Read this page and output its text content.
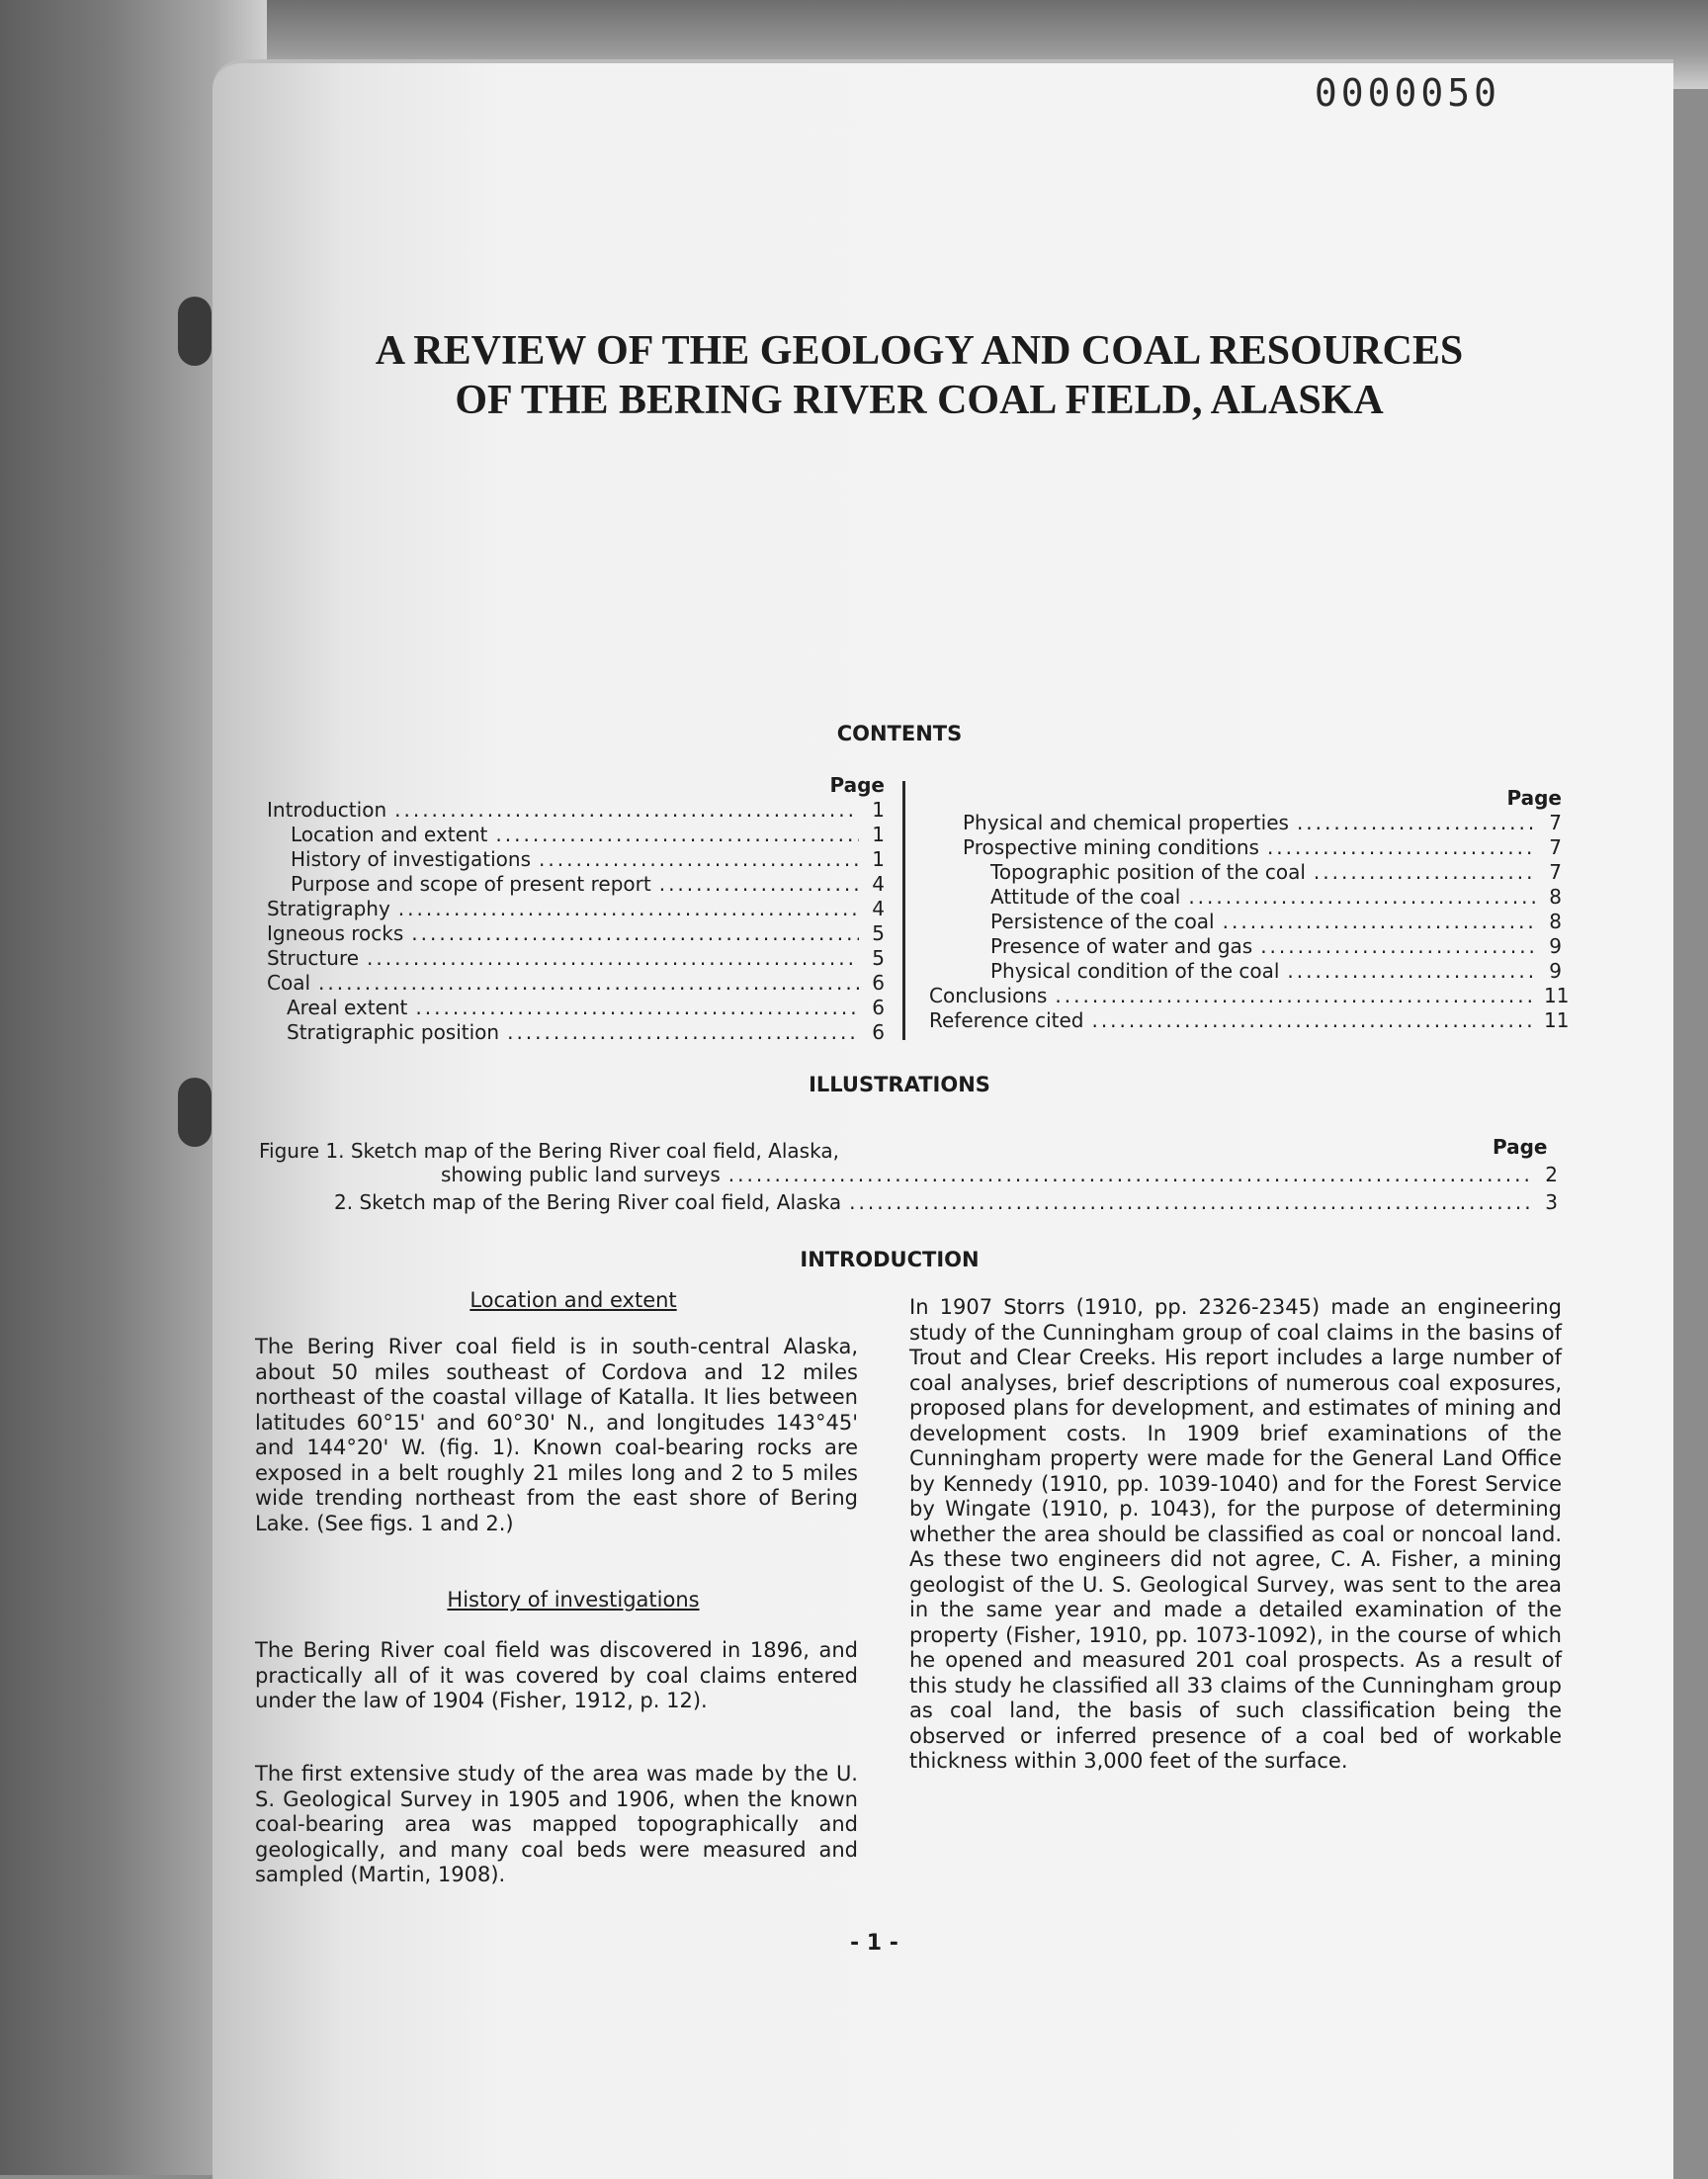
0000050
A REVIEW OF THE GEOLOGY AND COAL RESOURCES
OF THE BERING RIVER COAL FIELD, ALASKA
CONTENTS
Page
Introduction .....	1
Location and extent .....	1
History of investigations .....	1
Purpose and scope of present report .....	4
Stratigraphy .....	4
Igneous rocks .....	5
Structure .....	5
Coal .....	6
Areal extent .....	6
Stratigraphic position .....	6
Page
Physical and chemical properties .....	7
Prospective mining conditions .....	7
Topographic position of the coal .....	7
Attitude of the coal .....	8
Persistence of the coal .....	8
Presence of water and gas .....	9
Physical condition of the coal .....	9
Conclusions .....	11
Reference cited .....	11
ILLUSTRATIONS
Page
Figure 1. Sketch map of the Bering River coal field, Alaska,
showing public land surveys .....	2
2. Sketch map of the Bering River coal field, Alaska .....	3
INTRODUCTION
Location and extent
The Bering River coal field is in south-central Alaska, about 50 miles southeast of Cordova and 12 miles northeast of the coastal village of Katalla. It lies between latitudes 60°15' and 60°30' N., and longitudes 143°45' and 144°20' W. (fig. 1). Known coal-bearing rocks are exposed in a belt roughly 21 miles long and 2 to 5 miles wide trending northeast from the east shore of Bering Lake. (See figs. 1 and 2.)
History of investigations
The Bering River coal field was discovered in 1896, and practically all of it was covered by coal claims entered under the law of 1904 (Fisher, 1912, p. 12).
The first extensive study of the area was made by the U. S. Geological Survey in 1905 and 1906, when the known coal-bearing area was mapped topographically and geologically, and many coal beds were measured and sampled (Martin, 1908).
In 1907 Storrs (1910, pp. 2326-2345) made an engineering study of the Cunningham group of coal claims in the basins of Trout and Clear Creeks. His report includes a large number of coal analyses, brief descriptions of numerous coal exposures, proposed plans for development, and estimates of mining and development costs. In 1909 brief examinations of the Cunningham property were made for the General Land Office by Kennedy (1910, pp. 1039-1040) and for the Forest Service by Wingate (1910, p. 1043), for the purpose of determining whether the area should be classified as coal or noncoal land. As these two engineers did not agree, C. A. Fisher, a mining geologist of the U. S. Geological Survey, was sent to the area in the same year and made a detailed examination of the property (Fisher, 1910, pp. 1073-1092), in the course of which he opened and measured 201 coal prospects. As a result of this study he classified all 33 claims of the Cunningham group as coal land, the basis of such classification being the observed or inferred presence of a coal bed of workable thickness within 3,000 feet of the surface.
- 1 -
